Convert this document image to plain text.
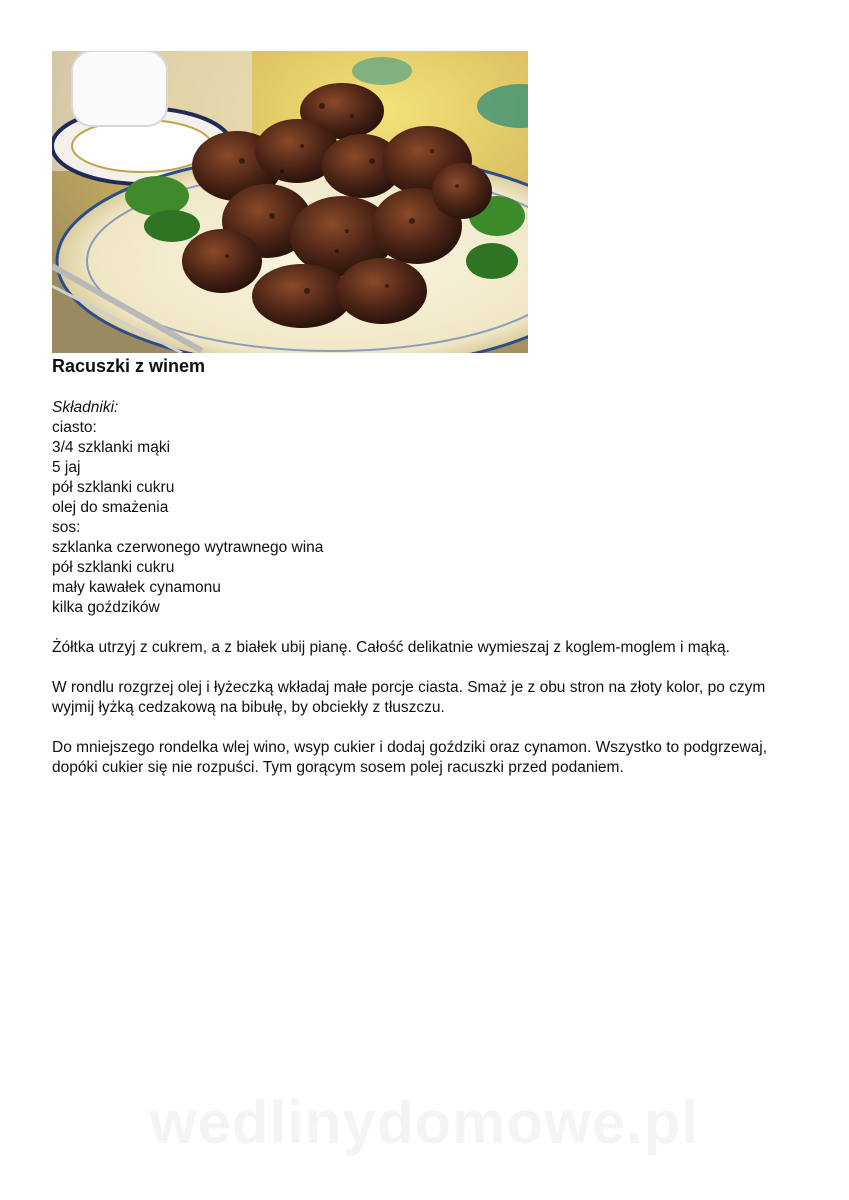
Racuszki z winem
Składniki:
ciasto:
3/4 szklanki mąki
5 jaj
pół szklanki cukru
olej do smażenia
sos:
szklanka czerwonego wytrawnego wina
pół szklanki cukru
mały kawałek cynamonu
kilka goździków

Żółtka utrzyj z cukrem, a z białek ubij pianę. Całość delikatnie wymieszaj z koglem-moglem i mąką.

W rondlu rozgrzej olej i łyżeczką wkładaj małe porcje ciasta. Smaż je z obu stron na złoty kolor, po czym wyjmij łyżką cedzakową na bibułę, by obciekły z tłuszczu.

Do mniejszego rondelka wlej wino, wsyp cukier i dodaj goździki oraz cynamon. Wszystko to podgrzewaj, dopóki cukier się nie rozpuści. Tym gorącym sosem polej racuszki przed podaniem.

wedlinydomowe.pl
